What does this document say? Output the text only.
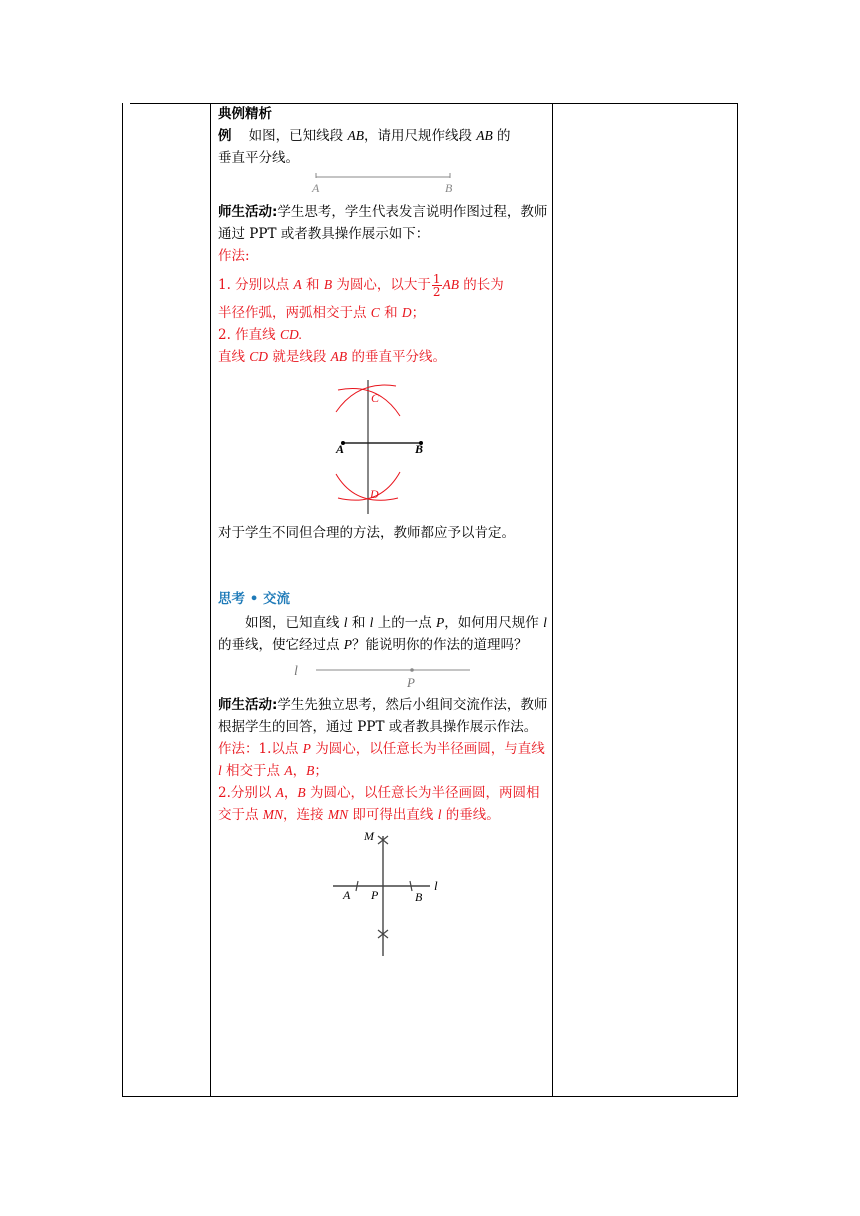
典例精析

例 如图，已知线段 AB，请用尺规作线段 AB 的

垂直平分线。

A	B

师生活动:学生思考，学生代表发言说明作图过程，教师通过 PPT 或者教具操作展示如下：

作法:

1. 分别以点 A 和 B 为圆心，以大于 $\frac{1}{2}$ AB 的长为

半径作弧，两弧相交于点 C 和 D；

2. 作直线 CD.

直线 CD 就是线段 AB 的垂直平分线。

A	B
C
D

对于学生不同但合理的方法，教师都应予以肯定。

思考 • 交流

如图，已知直线 l 和 l 上的一点 P，如何用尺规作 l 的垂线，使它经过点 P？能说明你的作法的道理吗？

l
P

师生活动:学生先独立思考，然后小组间交流作法，教师根据学生的回答，通过 PPT 或者教具操作展示作法。

作法：1.以点 P 为圆心，以任意长为半径画圆，与直线 l 相交于点 A，B；

2.分别以 A，B 为圆心，以任意长为半径画圆，两圆相交于点 MN，连接 MN 即可得出直线 l 的垂线。

M
l
A P	B
